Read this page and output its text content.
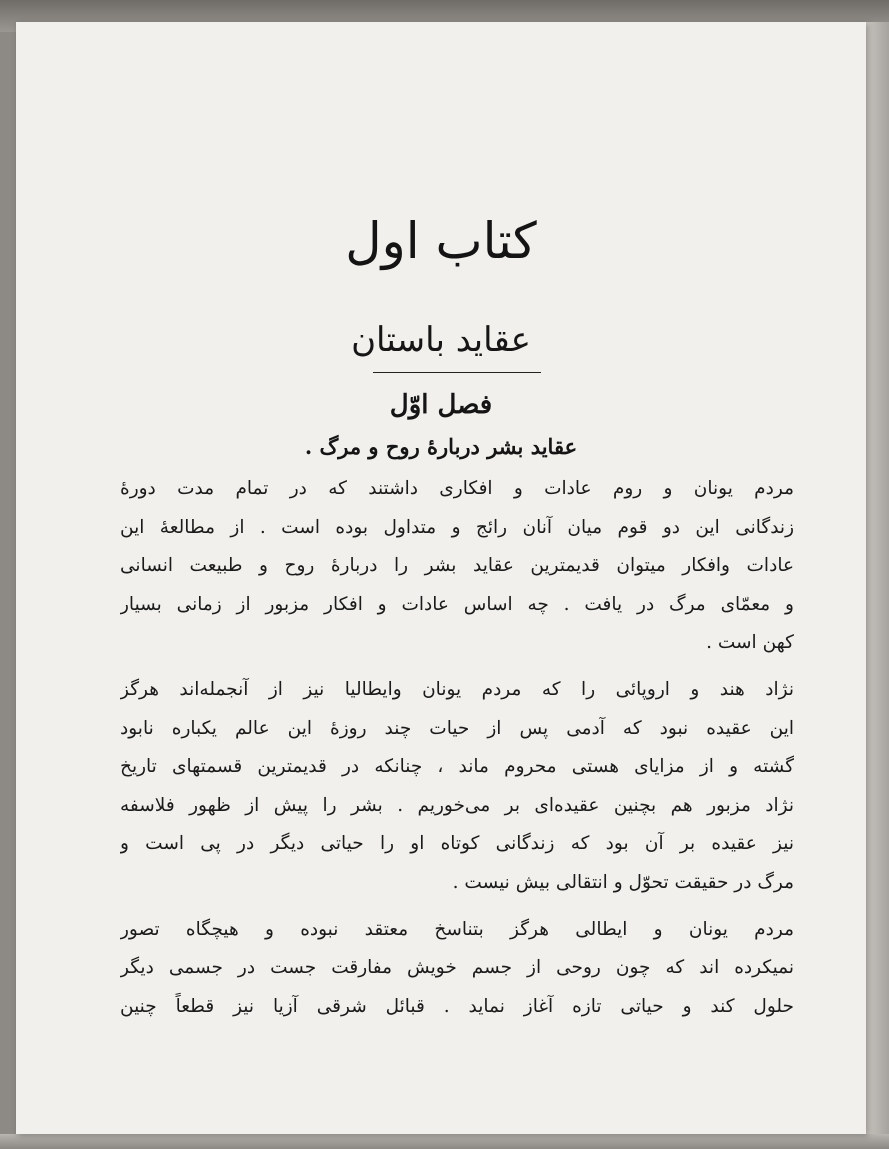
کتاب اول
عقاید باستان
فصل اوّل
عقاید بشر دربارهٔ روح و مرگ .
مردم یونان و روم عادات و افکاری داشتند که در تمام مدت دورهٔ
زندگانی این دو قوم میان آنان رائج و متداول بوده است . از مطالعهٔ این
عادات وافکار میتوان قدیمترین عقاید بشر را دربارهٔ روح و طبیعت انسانی
و معمّای مرگ در یافت . چه اساس عادات و افکار مزبور از زمانی بسیار
کهن است .
نژاد هند و اروپائی را که مردم یونان وایطالیا نیز از آنجمله‌اند هرگز
این عقیده نبود که آدمی پس از حیات چند روزهٔ این عالم یکباره نابود
گشته و از مزایای هستی محروم ماند ، چنانکه در قدیمترین قسمتهای تاریخ
نژاد مزبور هم بچنین عقیده‌ای بر می‌خوریم . بشر را پیش از ظهور فلاسفه
نیز عقیده بر آن بود که زندگانی کوتاه او را حیاتی دیگر در پی است و
مرگ در حقیقت تحوّل و انتقالی بیش نیست .
مردم یونان و ایطالی هرگز بتناسخ معتقد نبوده و هیچگاه تصور
نمیکرده اند که چون روحی از جسم خویش مفارقت جست در جسمی دیگر
حلول کند و حیاتی تازه آغاز نماید . قبائل شرقی آزیا نیز قطعاً چنین
